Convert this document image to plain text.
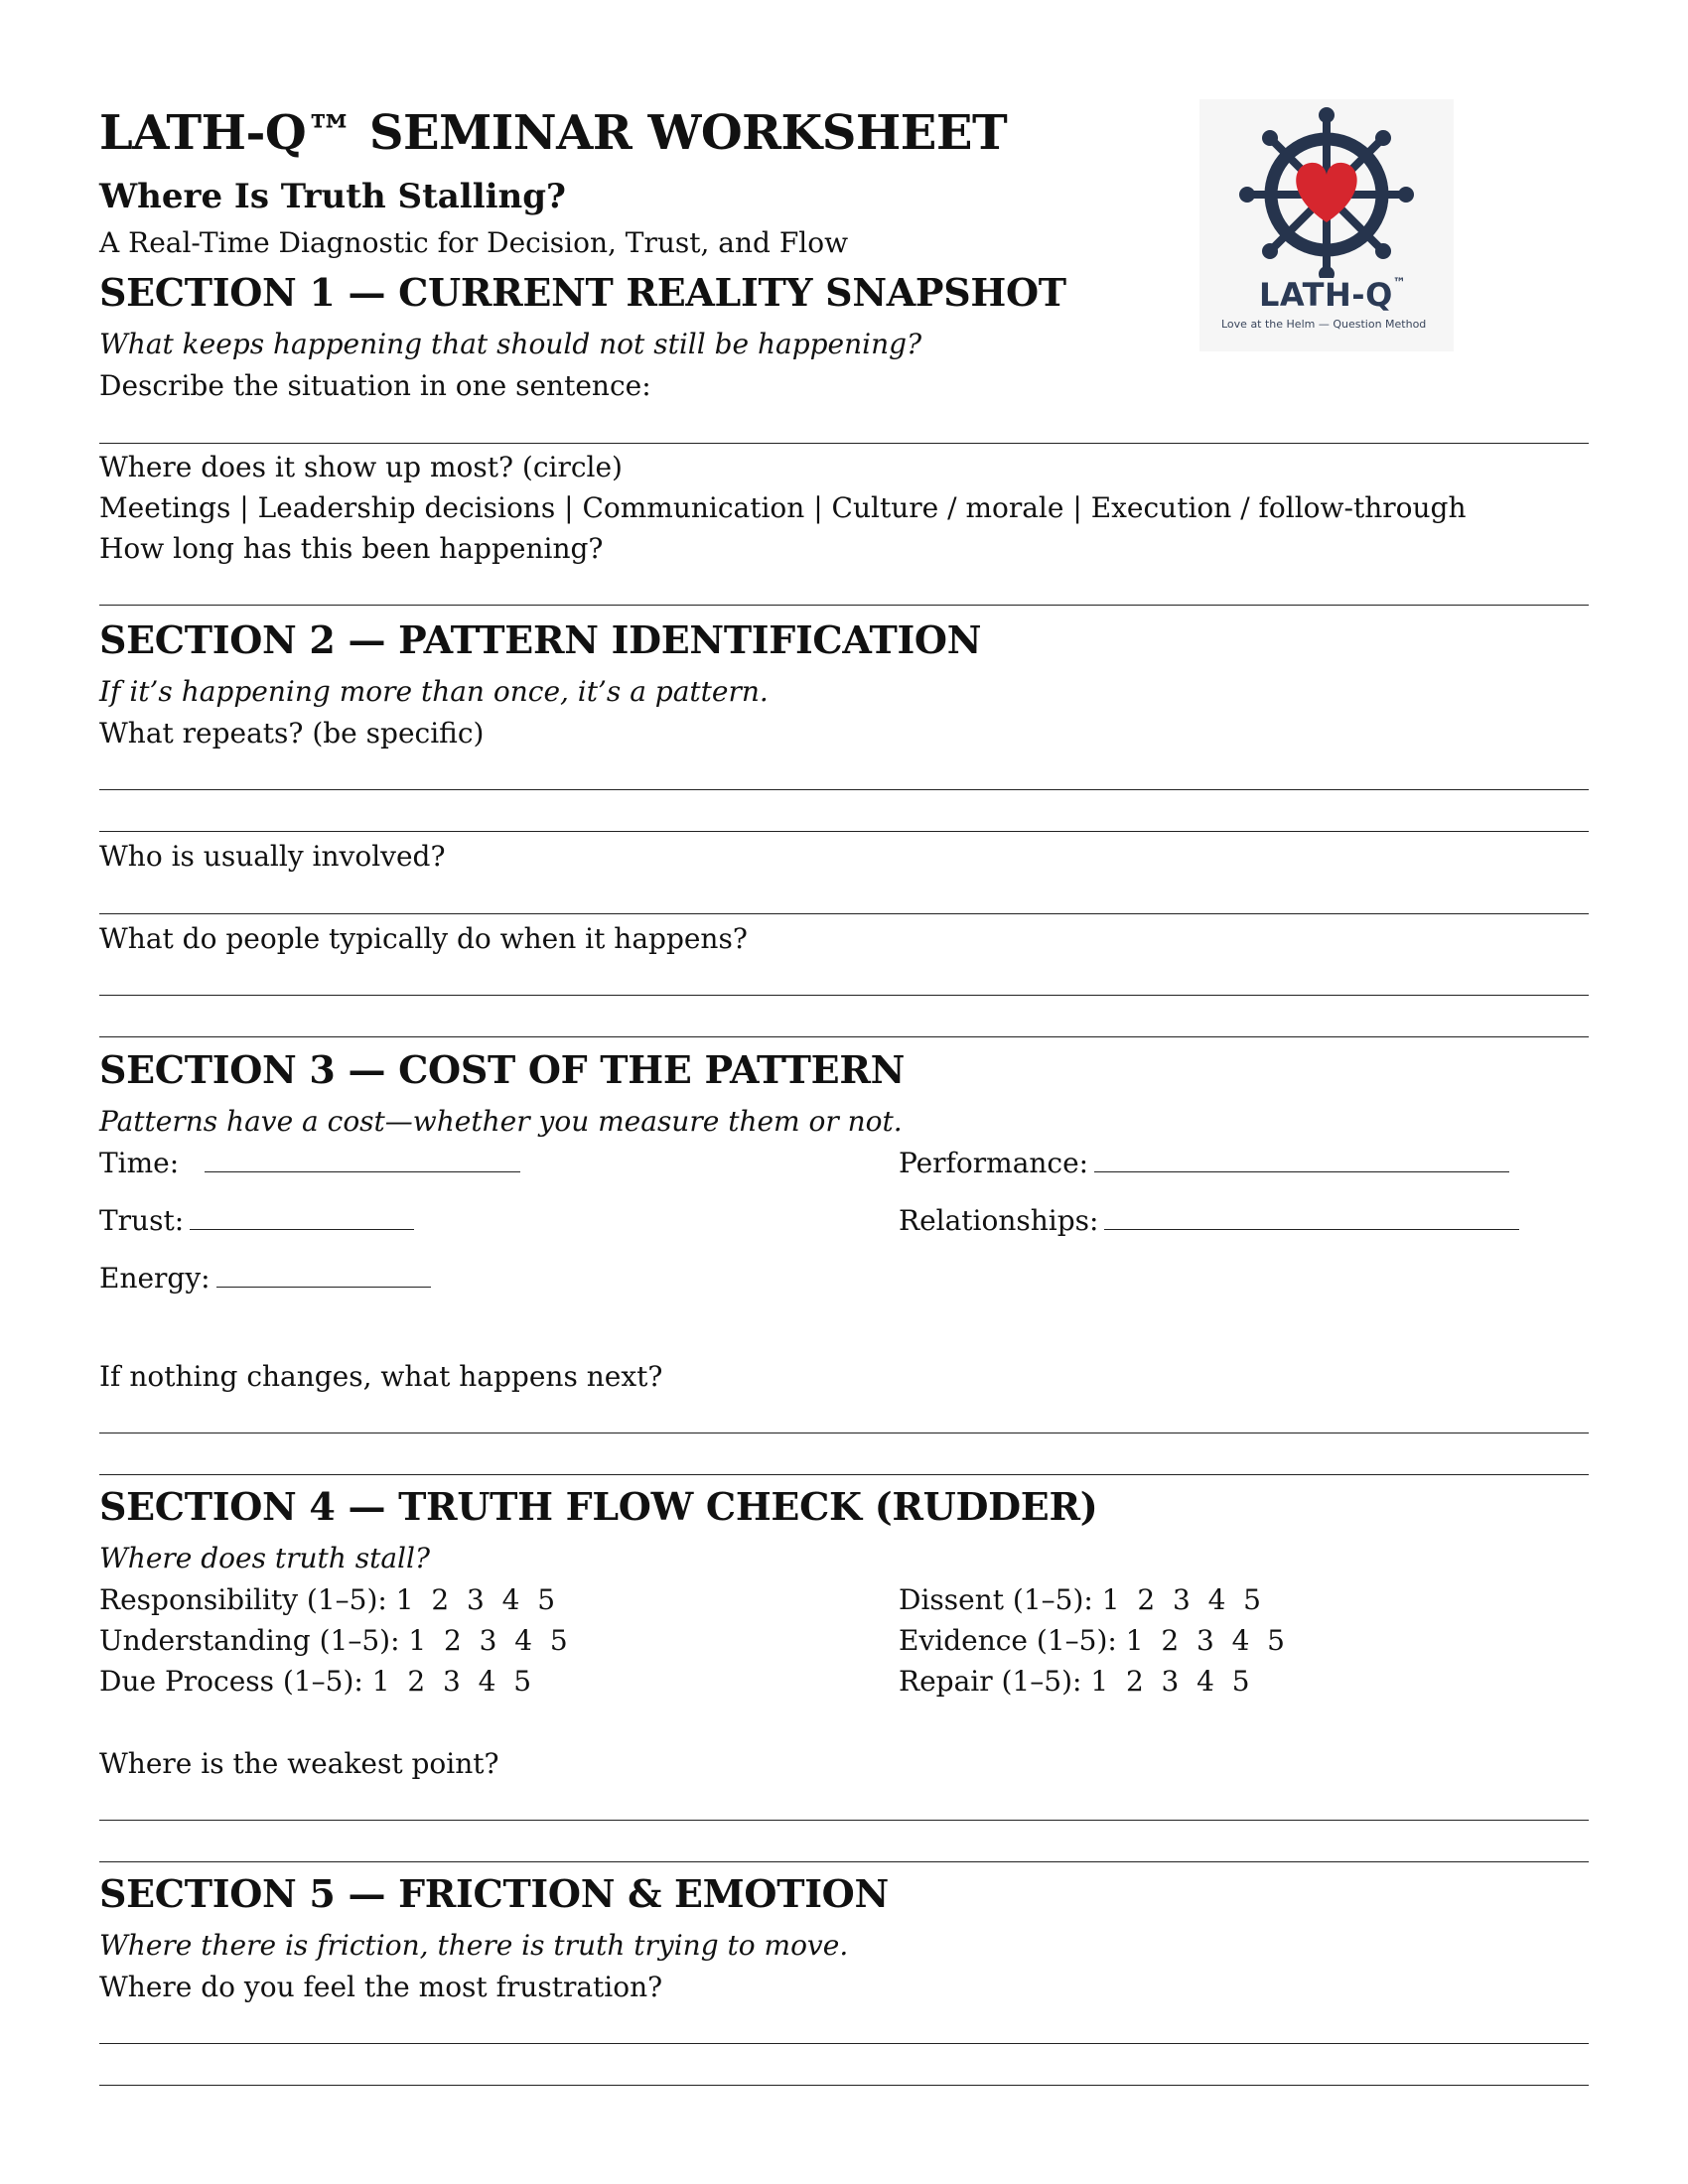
LATH-Q™ SEMINAR WORKSHEET
Where Is Truth Stalling?
A Real-Time Diagnostic for Decision, Trust, and Flow
LATH-Q™
Love at the Helm — Question Method
SECTION 1 — CURRENT REALITY SNAPSHOT
What keeps happening that should not still be happening?
Describe the situation in one sentence:
Where does it show up most? (circle)
Meetings | Leadership decisions | Communication | Culture / morale | Execution / follow-through
How long has this been happening?
SECTION 2 — PATTERN IDENTIFICATION
If it’s happening more than once, it’s a pattern.
What repeats? (be specific)
Who is usually involved?
What do people typically do when it happens?
SECTION 3 — COST OF THE PATTERN
Patterns have a cost—whether you measure them or not.
Time:	Performance:
Trust:	Relationships:
Energy:
If nothing changes, what happens next?
SECTION 4 — TRUTH FLOW CHECK (RUDDER)
Where does truth stall?
Responsibility (1–5): 1  2  3  4  5
Understanding (1–5): 1  2  3  4  5
Due Process (1–5): 1  2  3  4  5
Dissent (1–5): 1  2  3  4  5
Evidence (1–5): 1  2  3  4  5
Repair (1–5): 1  2  3  4  5
Where is the weakest point?
SECTION 5 — FRICTION & EMOTION
Where there is friction, there is truth trying to move.
Where do you feel the most frustration?
